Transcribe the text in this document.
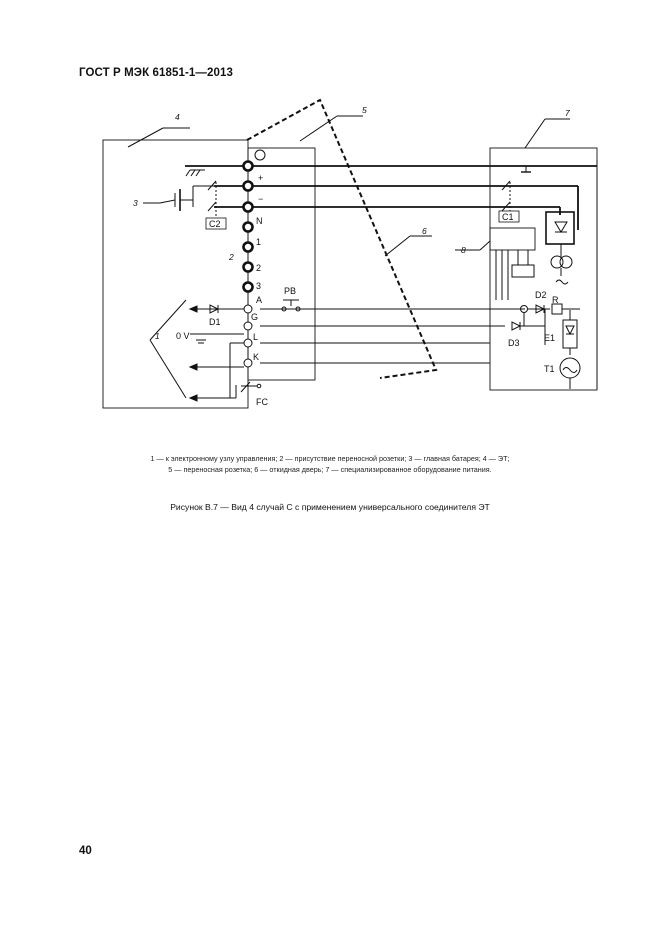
ГОСТ Р МЭК 61851-1—2013
1
2
3
4
5
6
7
8
+
−
N
1
2
3
A
G
L
K
C2
C1
PB
D1
D2
D3
R
E1
T1
FC
0 V
1 — к электронному узлу управления; 2 — присутствие переносной розетки; 3 — главная батарея; 4 — ЭТ;
5 — переносная розетка; 6 — откидная дверь; 7 — специализированное оборудование питания.
Рисунок В.7 — Вид 4 случай С с применением универсального соединителя ЭТ
40
